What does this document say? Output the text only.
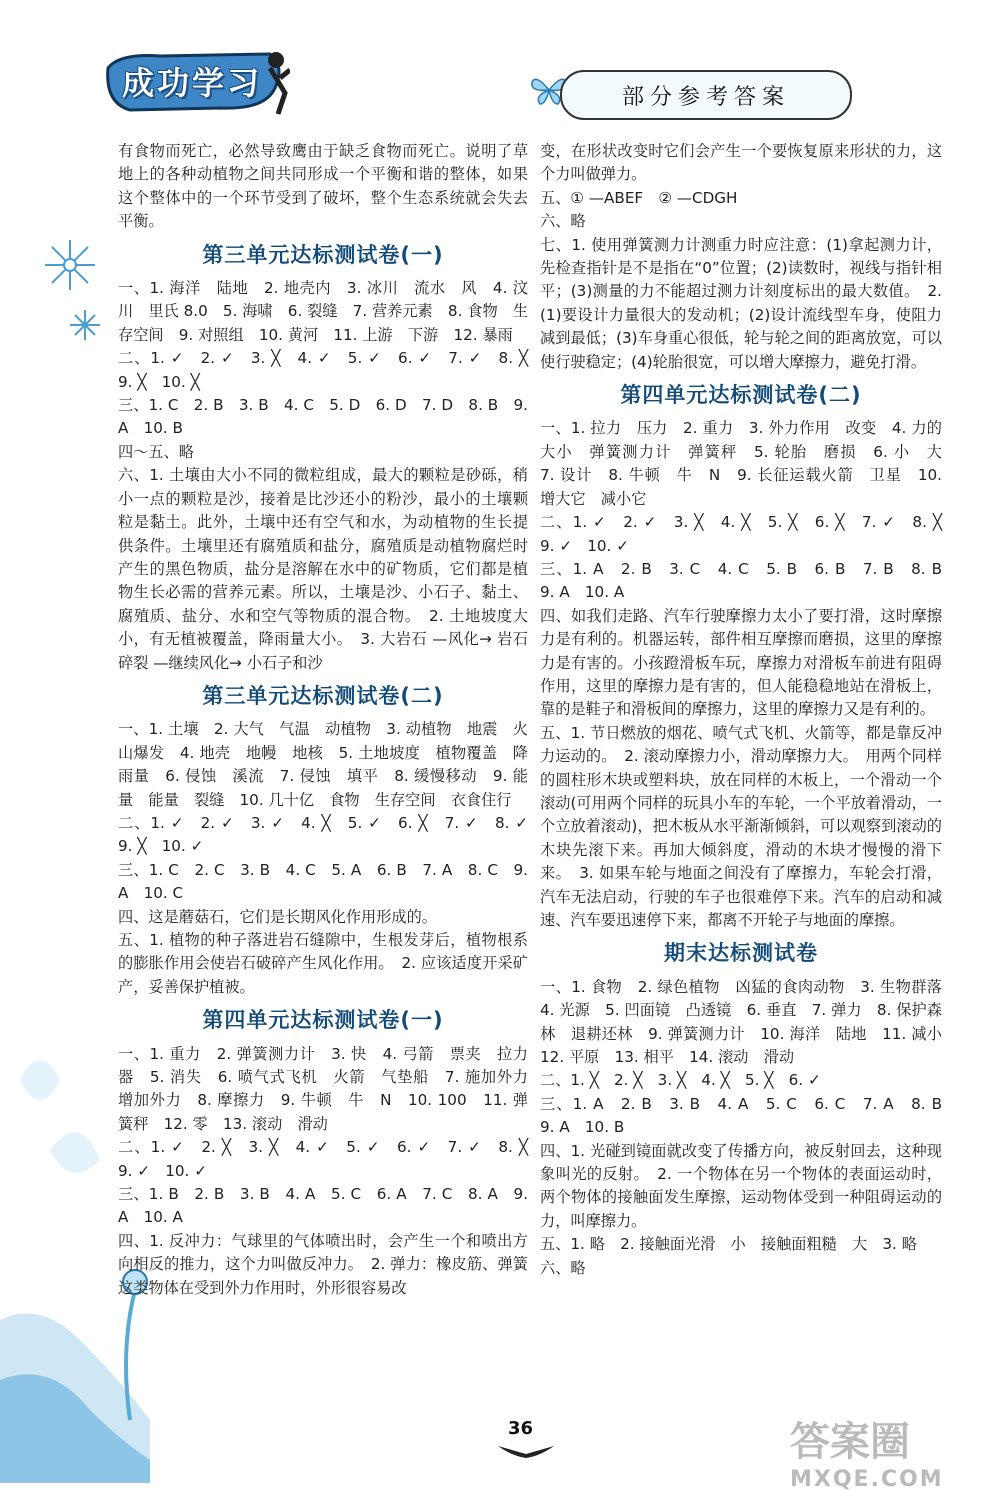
成功学习	部分参考答案
有食物而死亡，必然导致鹰由于缺乏食物而死亡。说明了草地上的各种动植物之间共同形成一个平衡和谐的整体，如果这个整体中的一个环节受到了破坏，整个生态系统就会失去平衡。
第三单元达标测试卷(一)
一、1. 海洋　陆地　2. 地壳内　3. 冰川　流水　风　4. 汶川　里氏 8.0　5. 海啸　6. 裂缝　7. 营养元素　8. 食物　生存空间　9. 对照组　10. 黄河　11. 上游　下游　12. 暴雨
二、1. ✓　2. ✓　3. ╳　4. ✓　5. ✓　6. ✓　7. ✓　8. ╳　9. ╳　10. ╳
三、1. C　2. B　3. B　4. C　5. D　6. D　7. D　8. B　9. A　10. B
四～五、略
六、1. 土壤由大小不同的微粒组成，最大的颗粒是砂砾，稍小一点的颗粒是沙，接着是比沙还小的粉沙，最小的土壤颗粒是黏土。此外，土壤中还有空气和水，为动植物的生长提供条件。土壤里还有腐殖质和盐分，腐殖质是动植物腐烂时产生的黑色物质，盐分是溶解在水中的矿物质，它们都是植物生长必需的营养元素。所以，土壤是沙、小石子、黏土、腐殖质、盐分、水和空气等物质的混合物。　2. 土地坡度大小，有无植被覆盖，降雨量大小。　3. 大岩石 —风化→ 岩石碎裂 —继续风化→ 小石子和沙
第三单元达标测试卷(二)
一、1. 土壤　2. 大气　气温　动植物　3. 动植物　地震　火山爆发　4. 地壳　地幔　地核　5. 土地坡度　植物覆盖　降雨量　6. 侵蚀　溪流　7. 侵蚀　填平　8. 缓慢移动　9. 能量　能量　裂缝　10. 几十亿　食物　生存空间　衣食住行
二、1. ✓　2. ✓　3. ✓　4. ╳　5. ✓　6. ╳　7. ✓　8. ✓　9. ╳　10. ✓
三、1. C　2. C　3. B　4. C　5. A　6. B　7. A　8. C　9. A　10. C
四、这是蘑菇石，它们是长期风化作用形成的。
五、1. 植物的种子落进岩石缝隙中，生根发芽后，植物根系的膨胀作用会使岩石破碎产生风化作用。　2. 应该适度开采矿产，妥善保护植被。
第四单元达标测试卷(一)
一、1. 重力　2. 弹簧测力计　3. 快　4. 弓箭　票夹　拉力器　5. 消失　6. 喷气式飞机　火箭　气垫船　7. 施加外力　增加外力　8. 摩擦力　9. 牛顿　牛　N　10. 100　11. 弹簧秤　12. 零　13. 滚动　滑动
二、1. ✓　2. ╳　3. ╳　4. ✓　5. ✓　6. ✓　7. ✓　8. ╳　9. ✓　10. ✓
三、1. B　2. B　3. B　4. A　5. C　6. A　7. C　8. A　9. A　10. A
四、1. 反冲力：气球里的气体喷出时，会产生一个和喷出方向相反的推力，这个力叫做反冲力。　2. 弹力：橡皮筋、弹簧这类物体在受到外力作用时，外形很容易改
变，在形状改变时它们会产生一个要恢复原来形状的力，这个力叫做弹力。
五、① —ABEF　② —CDGH
六、略
七、1. 使用弹簧测力计测重力时应注意：(1)拿起测力计，先检查指针是不是指在“0”位置；(2)读数时，视线与指针相平；(3)测量的力不能超过测力计刻度标出的最大数值。　2. (1)要设计力量很大的发动机；(2)设计流线型车身，使阻力减到最低；(3)车身重心很低，轮与轮之间的距离放宽，可以使行驶稳定；(4)轮胎很宽，可以增大摩擦力，避免打滑。
第四单元达标测试卷(二)
一、1. 拉力　压力　2. 重力　3. 外力作用　改变　4. 力的大小　弹簧测力计　弹簧秤　5. 轮胎　磨损　6. 小　大　7. 设计　8. 牛顿　牛　N　9. 长征运载火箭　卫星　10. 增大它　减小它
二、1. ✓　2. ✓　3. ╳　4. ╳　5. ╳　6. ╳　7. ✓　8. ╳　9. ✓　10. ✓
三、1. A　2. B　3. C　4. C　5. B　6. B　7. B　8. B　9. A　10. A
四、如我们走路、汽车行驶摩擦力太小了要打滑，这时摩擦力是有利的。机器运转，部件相互摩擦而磨损，这里的摩擦力是有害的。小孩蹬滑板车玩，摩擦力对滑板车前进有阻碍作用，这里的摩擦力是有害的，但人能稳稳地站在滑板上，靠的是鞋子和滑板间的摩擦力，这里的摩擦力又是有利的。
五、1. 节日燃放的烟花、喷气式飞机、火箭等，都是靠反冲力运动的。　2. 滚动摩擦力小，滑动摩擦力大。　用两个同样的圆柱形木块或塑料块，放在同样的木板上，一个滑动一个滚动(可用两个同样的玩具小车的车轮，一个平放着滑动，一个立放着滚动)，把木板从水平渐渐倾斜，可以观察到滚动的木块先滚下来。再加大倾斜度，滑动的木块才慢慢的滑下来。　3. 如果车轮与地面之间没有了摩擦力，车轮会打滑，汽车无法启动，行驶的车子也很难停下来。汽车的启动和减速、汽车要迅速停下来，都离不开轮子与地面的摩擦。
期末达标测试卷
一、1. 食物　2. 绿色植物　凶猛的食肉动物　3. 生物群落　4. 光源　5. 凹面镜　凸透镜　6. 垂直　7. 弹力　8. 保护森林　退耕还林　9. 弹簧测力计　10. 海洋　陆地　11. 减小　12. 平原　13. 相平　14. 滚动　滑动
二、1. ╳　2. ╳　3. ╳　4. ╳　5. ╳　6. ✓
三、1. A　2. B　3. B　4. A　5. C　6. C　7. A　8. B　9. A　10. B
四、1. 光碰到镜面就改变了传播方向，被反射回去，这种现象叫光的反射。　2. 一个物体在另一个物体的表面运动时，两个物体的接触面发生摩擦，运动物体受到一种阻碍运动的力，叫摩擦力。
五、1. 略　2. 接触面光滑　小　接触面粗糙　大　3. 略
六、略
36	答案圈
MXQE.COM
